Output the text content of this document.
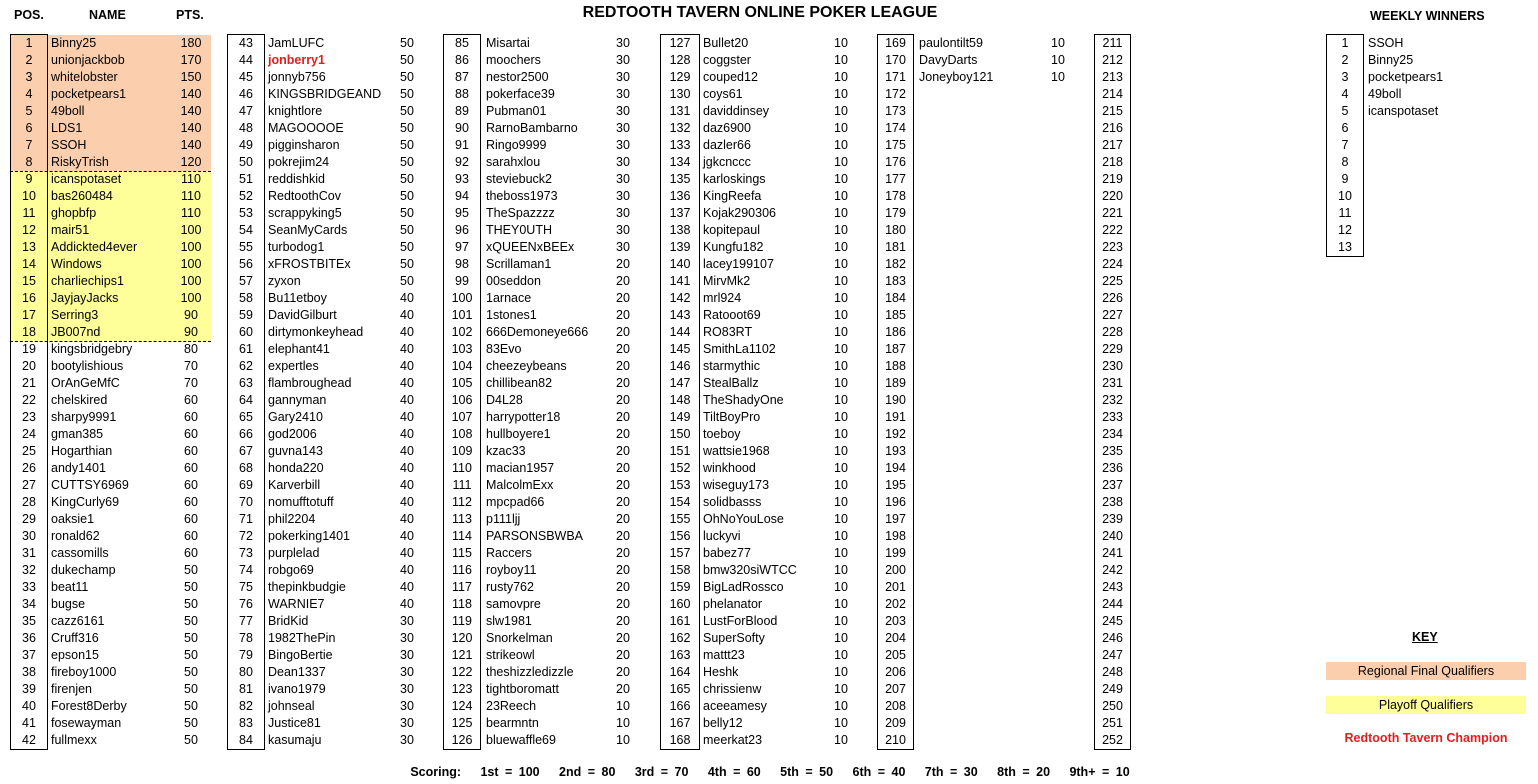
REDTOOTH TAVERN ONLINE POKER LEAGUE
POS.	NAME	PTS.	WEEKLY WINNERS
1	Binny25	180
2	unionjackbob	170
3	whitelobster	150
4	pocketpears1	140
5	49boll	140
6	LDS1	140
7	SSOH	140
8	RiskyTrish	120
9	icanspotaset	110
10	bas260484	110
11	ghopbfp	110
12	mair51	100
13	Addickted4ever	100
14	Windows	100
15	charliechips1	100
16	JayjayJacks	100
17	Serring3	90
18	JB007nd	90
19	kingsbridgebry	80
20	bootylishious	70
21	OrAnGeMfC	70
22	chelskired	60
23	sharpy9991	60
24	gman385	60
25	Hogarthian	60
26	andy1401	60
27	CUTTSY6969	60
28	KingCurly69	60
29	oaksie1	60
30	ronald62	60
31	cassomills	60
32	dukechamp	50
33	beat11	50
34	bugse	50
35	cazz6161	50
36	Cruff316	50
37	epson15	50
38	fireboy1000	50
39	firenjen	50
40	Forest8Derby	50
41	fosewayman	50
42	fullmexx	50
43	JamLUFC	50
44	jonberry1	50
45	jonnyb756	50
46	KINGSBRIDGEAND	50
47	knightlore	50
48	MAGOOOOE	50
49	pigginsharon	50
50	pokrejim24	50
51	reddishkid	50
52	RedtoothCov	50
53	scrappyking5	50
54	SeanMyCards	50
55	turbodog1	50
56	xFROSTBITEx	50
57	zyxon	50
58	Bu11etboy	40
59	DavidGilburt	40
60	dirtymonkeyhead	40
61	elephant41	40
62	expertles	40
63	flambroughead	40
64	gannyman	40
65	Gary2410	40
66	god2006	40
67	guvna143	40
68	honda220	40
69	Karverbill	40
70	nomufftotuff	40
71	phil2204	40
72	pokerking1401	40
73	purplelad	40
74	robgo69	40
75	thepinkbudgie	40
76	WARNIE7	40
77	BridKid	30
78	1982ThePin	30
79	BingoBertie	30
80	Dean1337	30
81	ivano1979	30
82	johnseal	30
83	Justice81	30
84	kasumaju	30
85	Misartai	30
86	moochers	30
87	nestor2500	30
88	pokerface39	30
89	Pubman01	30
90	RarnoBambarno	30
91	Ringo9999	30
92	sarahxlou	30
93	steviebuck2	30
94	theboss1973	30
95	TheSpazzzz	30
96	THEY0UTH	30
97	xQUEENxBEEx	30
98	Scrillaman1	20
99	00seddon	20
100	1arnace	20
101	1stones1	20
102	666Demoneye666	20
103	83Evo	20
104	cheezeybeans	20
105	chillibean82	20
106	D4L28	20
107	harrypotter18	20
108	hullboyere1	20
109	kzac33	20
110	macian1957	20
111	MalcolmExx	20
112	mpcpad66	20
113	p111ljj	20
114	PARSONSBWBA	20
115	Raccers	20
116	royboy11	20
117	rusty762	20
118	samovpre	20
119	slw1981	20
120	Snorkelman	20
121	strikeowl	20
122	theshizzledizzle	20
123	tightboromatt	20
124	23Reech	10
125	bearmntn	10
126	bluewaffle69	10
127	Bullet20	10
128	coggster	10
129	couped12	10
130	coys61	10
131	daviddinsey	10
132	daz6900	10
133	dazler66	10
134	jgkcnccc	10
135	karloskings	10
136	KingReefa	10
137	Kojak290306	10
138	kopitepaul	10
139	Kungfu182	10
140	lacey199107	10
141	MirvMk2	10
142	mrl924	10
143	Ratooot69	10
144	RO83RT	10
145	SmithLa1102	10
146	starmythic	10
147	StealBallz	10
148	TheShadyOne	10
149	TiltBoyPro	10
150	toeboy	10
151	wattsie1968	10
152	winkhood	10
153	wiseguy173	10
154	solidbasss	10
155	OhNoYouLose	10
156	luckyvi	10
157	babez77	10
158	bmw320siWTCC	10
159	BigLadRossco	10
160	phelanator	10
161	LustForBlood	10
162	SuperSofty	10
163	mattt23	10
164	Heshk	10
165	chrissienw	10
166	aceeamesy	10
167	belly12	10
168	meerkat23	10
169	paulontilt59	10
170	DavyDarts	10
171	Joneyboy121	10
172
173
174
175
176
177
178
179
180
181
182
183
184
185
186
187
188
189
190
191
192
193
194
195
196
197
198
199
200
201
202
203
204
205
206
207
208
209
210
211
212
213
214
215
216
217
218
219
220
221
222
223
224
225
226
227
228
229
230
231
232
233
234
235
236
237
238
239
240
241
242
243
244
245
246
247
248
249
250
251
252
1	SSOH
2	Binny25
3	pocketpears1
4	49boll
5	icanspotaset
6
7
8
9
10
11
12
13
KEY
Regional Final Qualifiers
Playoff Qualifiers
Redtooth Tavern Champion
Scoring:   1st = 100   2nd = 80   3rd = 70   4th = 60   5th = 50   6th = 40   7th = 30   8th = 20   9th+ = 10
